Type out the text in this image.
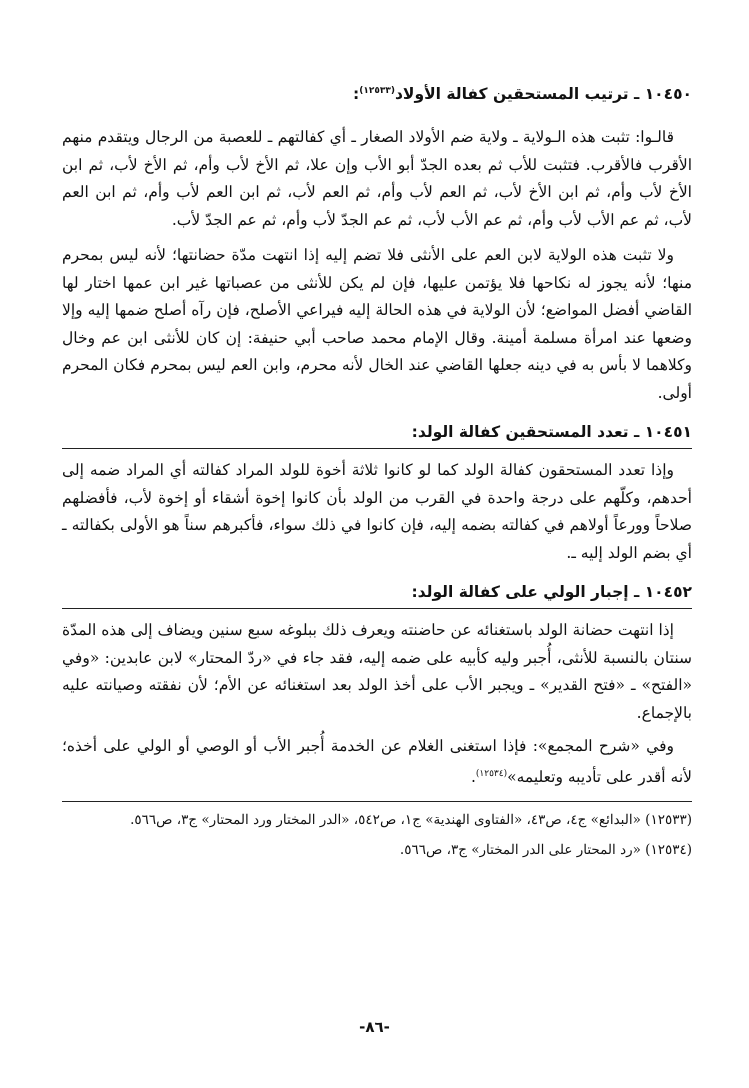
١٠٤٥٠ ـ ترتيب المستحقين كفالة الأولاد$^{(١٢٥٣٣)}$:

قالـوا: تثبت هذه الـولاية ـ ولاية ضم الأولاد الصغار ـ أي كفالتهم ـ للعصبة من الرجال ويتقدم منهم الأقرب فالأقرب. فتثبت للأب ثم بعده الجدّ أبو الأب وإن علا، ثم الأخ لأب وأم، ثم الأخ لأب، ثم ابن الأخ لأب وأم، ثم ابن الأخ لأب، ثم العم لأب وأم، ثم العم لأب، ثم ابن العم لأب وأم، ثم ابن العم لأب، ثم عم الأب لأب وأم، ثم عم الأب لأب، ثم عم الجدّ لأب وأم، ثم عم الجدّ لأب.

ولا تثبت هذه الولاية لابن العم على الأنثى فلا تضم إليه إذا انتهت مدّة حضانتها؛ لأنه ليس بمحرم منها؛ لأنه يجوز له نكاحها فلا يؤتمن عليها، فإن لم يكن للأنثى من عصباتها غير ابن عمها اختار لها القاضي أفضل المواضع؛ لأن الولاية في هذه الحالة إليه فيراعي الأصلح، فإن رآه أصلح ضمها إليه وإلا وضعها عند امرأة مسلمة أمينة. وقال الإمام محمد صاحب أبي حنيفة: إن كان للأنثى ابن عم وخال وكلاهما لا بأس به في دينه جعلها القاضي عند الخال لأنه محرم، وابن العم ليس بمحرم فكان المحرم أولى.

١٠٤٥١ ـ تعدد المستحقين كفالة الولد:

وإذا تعدد المستحقون كفالة الولد كما لو كانوا ثلاثة أخوة للولد المراد كفالته أي المراد ضمه إلى أحدهم، وكلّهم على درجة واحدة في القرب من الولد بأن كانوا إخوة أشقاء أو إخوة لأب، فأفضلهم صلاحاً وورعاً أولاهم في كفالته بضمه إليه، فإن كانوا في ذلك سواء، فأكبرهم سناً هو الأولى بكفالته ـ أي بضم الولد إليه ـ.

١٠٤٥٢ ـ إجبار الولي على كفالة الولد:

إذا انتهت حضانة الولد باستغنائه عن حاضنته ويعرف ذلك ببلوغه سبع سنين ويضاف إلى هذه المدّة سنتان بالنسبة للأنثى، أُجبر وليه كأبيه على ضمه إليه، فقد جاء في «ردّ المحتار» لابن عابدين: «وفي «الفتح» ـ «فتح القدير» ـ ويجبر الأب على أخذ الولد بعد استغنائه عن الأم؛ لأن نفقته وصيانته عليه بالإجماع.

وفي «شرح المجمع»: فإذا استغنى الغلام عن الخدمة أُجبر الأب أو الوصي أو الولي على أخذه؛ لأنه أقدر على تأديبه وتعليمه»$^{(١٢٥٣٤)}$.

(١٢٥٣٣) «البدائع» ج٤، ص٤٣، «الفتاوى الهندية» ج١، ص٥٤٢، «الدر المختار ورد المحتار» ج٣، ص٥٦٦.

(١٢٥٣٤) «رد المحتار على الدر المختار» ج٣، ص٥٦٦.

-٨٦-
